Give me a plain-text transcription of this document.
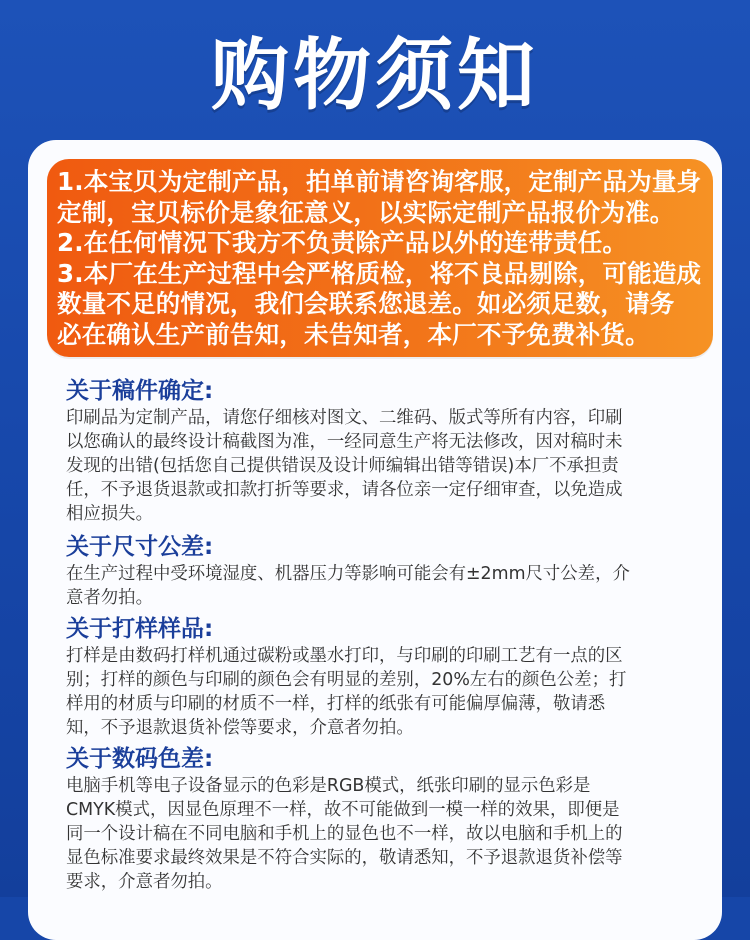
购物须知
1.本宝贝为定制产品，拍单前请咨询客服，定制产品为量身
定制，宝贝标价是象征意义，以实际定制产品报价为准。
2.在任何情况下我方不负责除产品以外的连带责任。
3.本厂在生产过程中会严格质检，将不良品剔除，可能造成
数量不足的情况，我们会联系您退差。如必须足数，请务
必在确认生产前告知，未告知者，本厂不予免费补货。
关于稿件确定:
印刷品为定制产品，请您仔细核对图文、二维码、版式等所有内容，印刷
以您确认的最终设计稿截图为准，一经同意生产将无法修改，因对稿时未
发现的出错(包括您自己提供错误及设计师编辑出错等错误)本厂不承担责
任，不予退货退款或扣款打折等要求，请各位亲一定仔细审查，以免造成
相应损失。
关于尺寸公差:
在生产过程中受环境湿度、机器压力等影响可能会有±2mm尺寸公差，介
意者勿拍。
关于打样样品:
打样是由数码打样机通过碳粉或墨水打印，与印刷的印刷工艺有一点的区
别；打样的颜色与印刷的颜色会有明显的差别，20%左右的颜色公差；打
样用的材质与印刷的材质不一样，打样的纸张有可能偏厚偏薄，敬请悉
知，不予退款退货补偿等要求，介意者勿拍。
关于数码色差:
电脑手机等电子设备显示的色彩是RGB模式，纸张印刷的显示色彩是
CMYK模式，因显色原理不一样，故不可能做到一模一样的效果，即便是
同一个设计稿在不同电脑和手机上的显色也不一样，故以电脑和手机上的
显色标准要求最终效果是不符合实际的，敬请悉知，不予退款退货补偿等
要求，介意者勿拍。
